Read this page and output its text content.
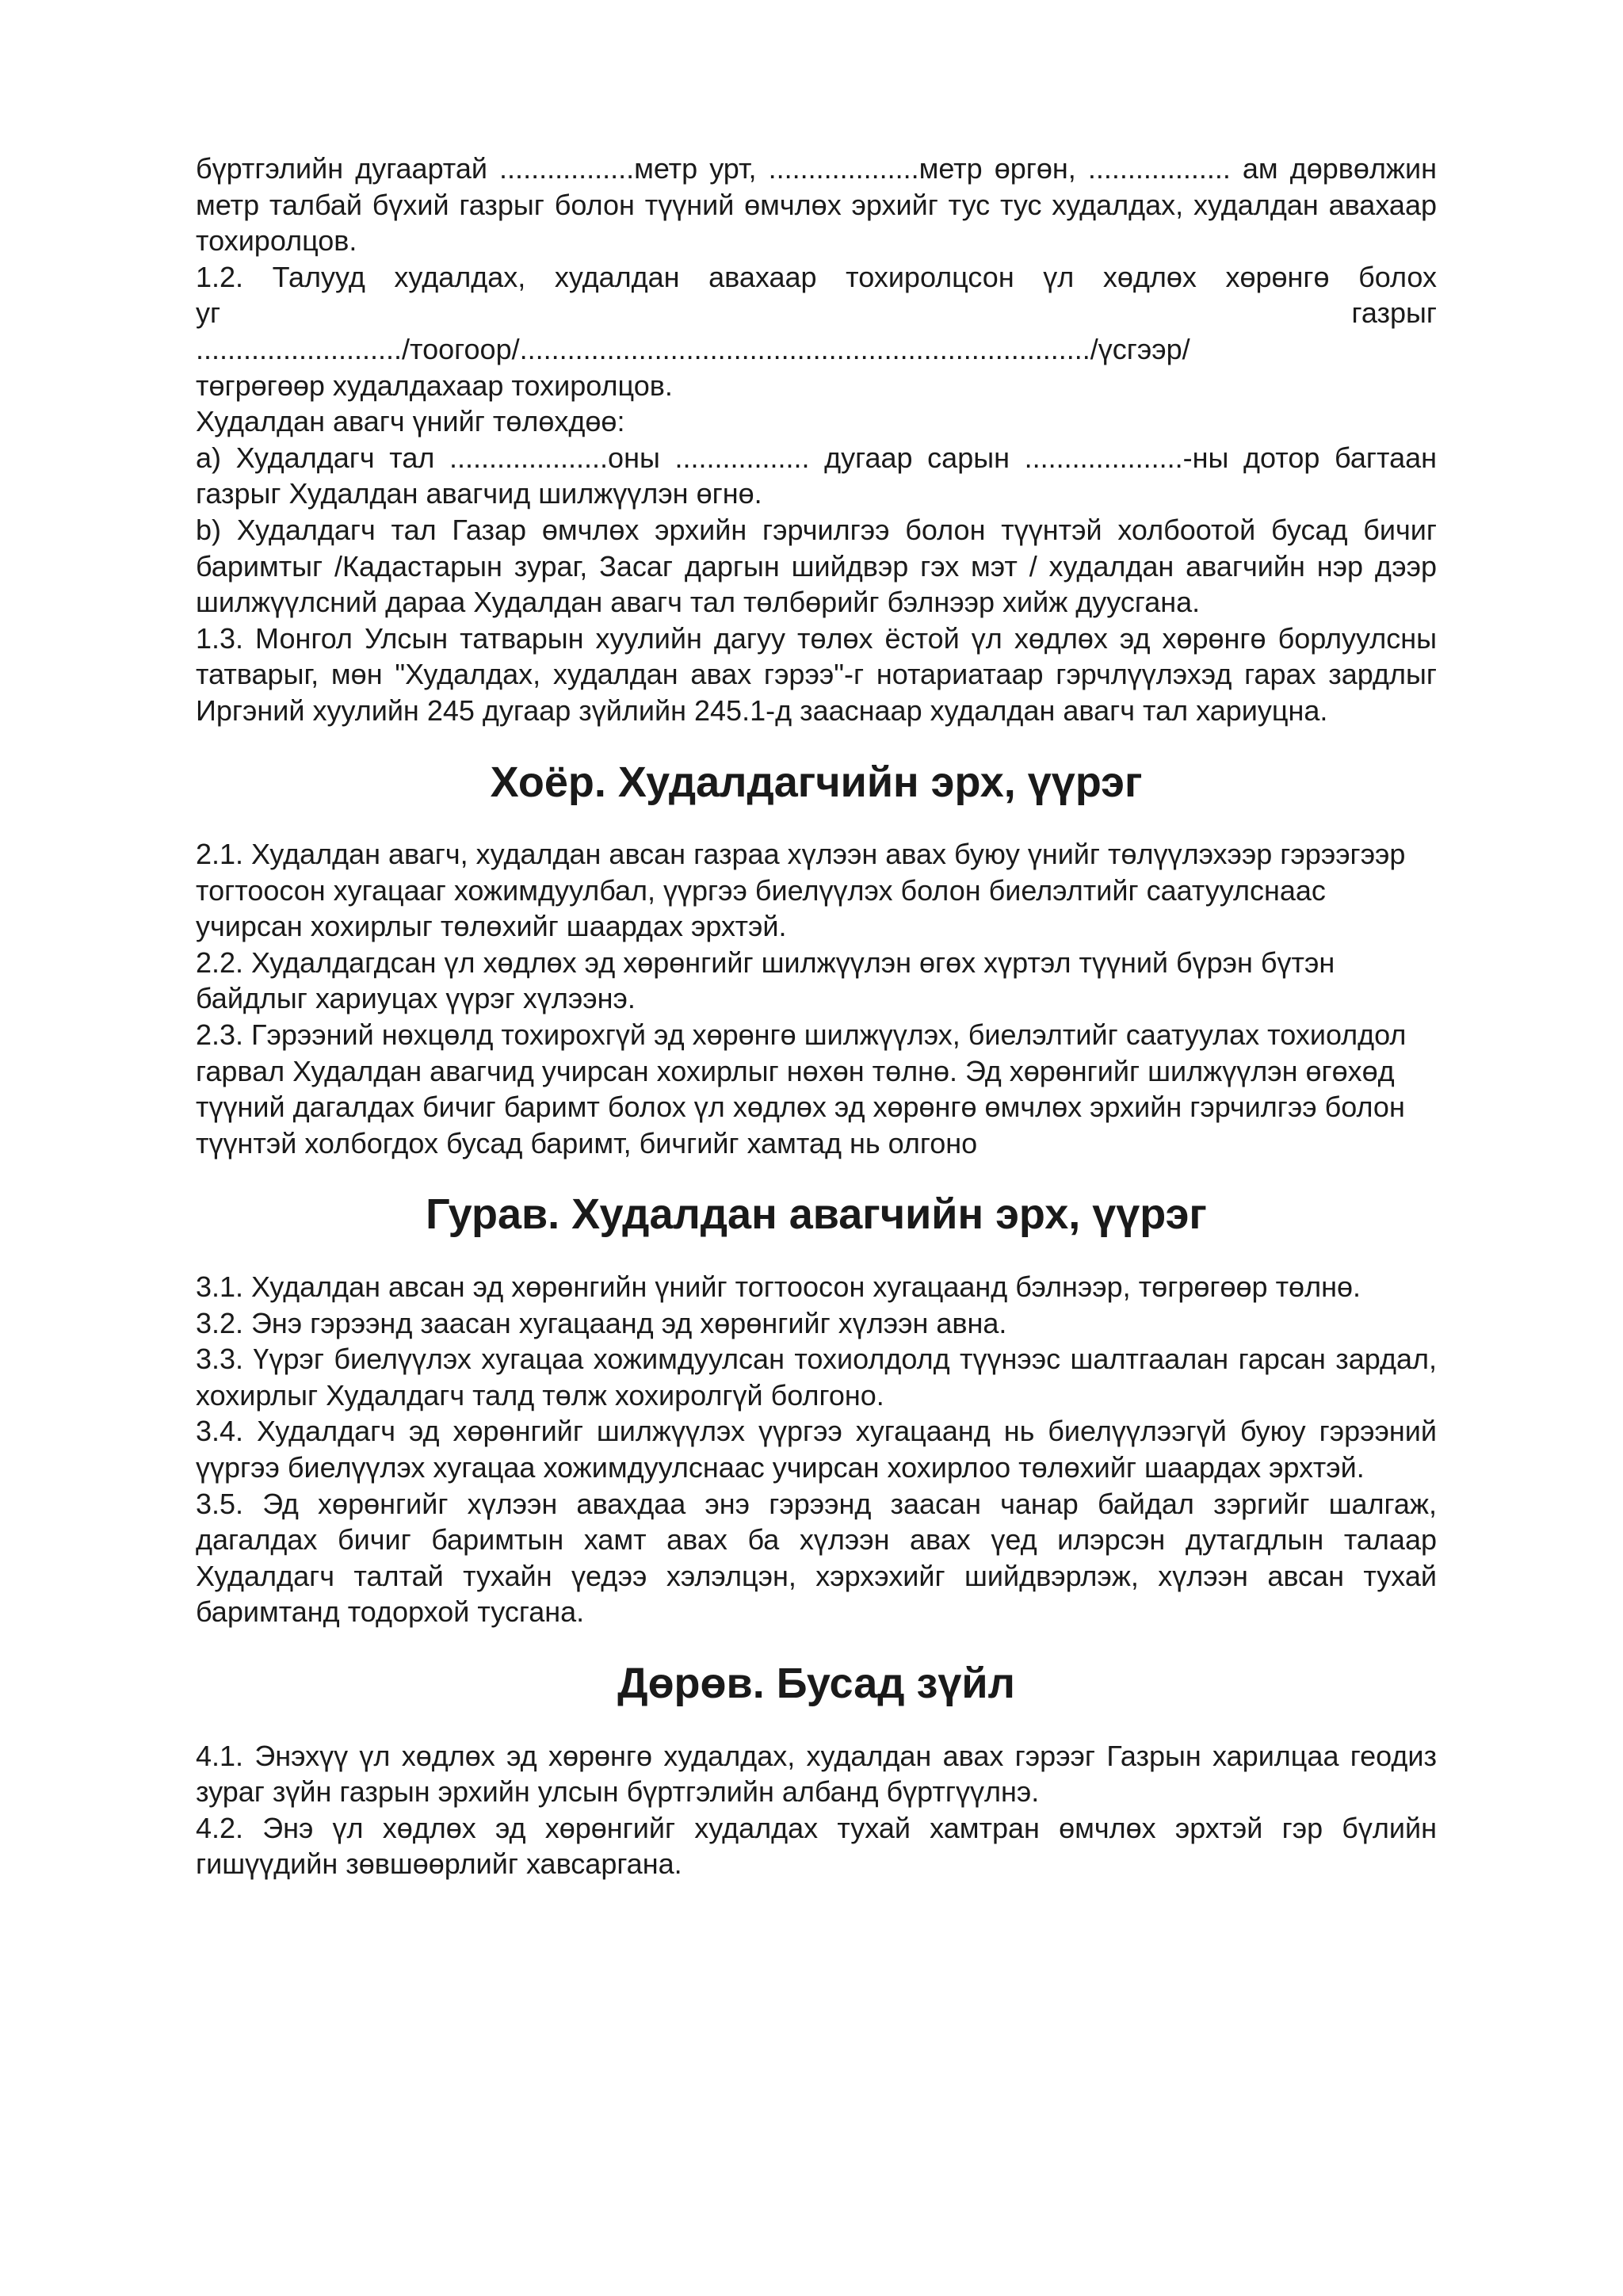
бүртгэлийн дугаартай .................метр урт, ...................метр өргөн, .................. ам дөрвөлжин метр талбай бүхий газрыг болон түүний өмчлөх эрхийг тус тус худалдах, худалдан авахаар тохиролцов.

1.2. Талууд худалдах, худалдан авахаар тохиролцсон үл хөдлөх хөрөнгө болох

уг	газрыг

........................../тоогоор/......................................................................../үсгээр/

төгрөгөөр худалдахаар тохиролцов.

Худалдан авагч үнийг төлөхдөө:

a) Худалдагч тал ....................оны ................. дугаар сарын ....................-ны дотор багтаан газрыг Худалдан авагчид шилжүүлэн өгнө.

b) Худалдагч тал Газар өмчлөх эрхийн гэрчилгээ болон түүнтэй холбоотой бусад бичиг баримтыг /Кадастарын зураг, Засаг даргын шийдвэр гэх мэт / худалдан авагчийн нэр дээр шилжүүлсний дараа Худалдан авагч тал төлбөрийг бэлнээр хийж дуусгана.

1.3. Монгол Улсын татварын хуулийн дагуу төлөх ёстой үл хөдлөх эд хөрөнгө борлуулсны татварыг, мөн "Худалдах, худалдан авах гэрээ"-г нотариатаар гэрчлүүлэхэд гарах зардлыг Иргэний хуулийн 245 дугаар зүйлийн 245.1-д зааснаар худалдан авагч тал хариуцна.

Хоёр. Худалдагчийн эрх, үүрэг

2.1. Худалдан авагч, худалдан авсан газраа хүлээн авах буюу үнийг төлүүлэхээр гэрээгээр тогтоосон хугацааг хожимдуулбал, үүргээ биелүүлэх болон биелэлтийг саатуулснаас учирсан хохирлыг төлөхийг шаардах эрхтэй.

2.2. Худалдагдсан үл хөдлөх эд хөрөнгийг шилжүүлэн өгөх хүртэл түүний бүрэн бүтэн байдлыг хариуцах үүрэг хүлээнэ.

2.3. Гэрээний нөхцөлд тохирохгүй эд хөрөнгө шилжүүлэх, биелэлтийг саатуулах тохиолдол гарвал Худалдан авагчид учирсан хохирлыг нөхөн төлнө. Эд хөрөнгийг шилжүүлэн өгөхөд түүний дагалдах бичиг баримт болох үл хөдлөх эд хөрөнгө өмчлөх эрхийн гэрчилгээ болон түүнтэй холбогдох бусад баримт, бичгийг хамтад нь олгоно

Гурав. Худалдан авагчийн эрх, үүрэг

3.1. Худалдан авсан эд хөрөнгийн үнийг тогтоосон хугацаанд бэлнээр, төгрөгөөр төлнө.

3.2. Энэ гэрээнд заасан хугацаанд эд хөрөнгийг хүлээн авна.

3.3. Үүрэг биелүүлэх хугацаа хожимдуулсан тохиолдолд түүнээс шалтгаалан гарсан зардал, хохирлыг Худалдагч талд төлж хохиролгүй болгоно.

3.4. Худалдагч эд хөрөнгийг шилжүүлэх үүргээ хугацаанд нь биелүүлээгүй буюу гэрээний үүргээ биелүүлэх хугацаа хожимдуулснаас учирсан хохирлоо төлөхийг шаардах эрхтэй.

3.5. Эд хөрөнгийг хүлээн авахдаа энэ гэрээнд заасан чанар байдал зэргийг шалгаж, дагалдах бичиг баримтын хамт авах ба хүлээн авах үед илэрсэн дутагдлын талаар Худалдагч талтай тухайн үедээ хэлэлцэн, хэрхэхийг шийдвэрлэж, хүлээн авсан тухай баримтанд тодорхой тусгана.

Дөрөв. Бусад зүйл

4.1. Энэхүү үл хөдлөх эд хөрөнгө худалдах, худалдан авах гэрээг Газрын харилцаа геодиз зураг зүйн газрын эрхийн улсын бүртгэлийн албанд бүртгүүлнэ.

4.2. Энэ үл хөдлөх эд хөрөнгийг худалдах тухай хамтран өмчлөх эрхтэй гэр бүлийн гишүүдийн зөвшөөрлийг хавсаргана.
